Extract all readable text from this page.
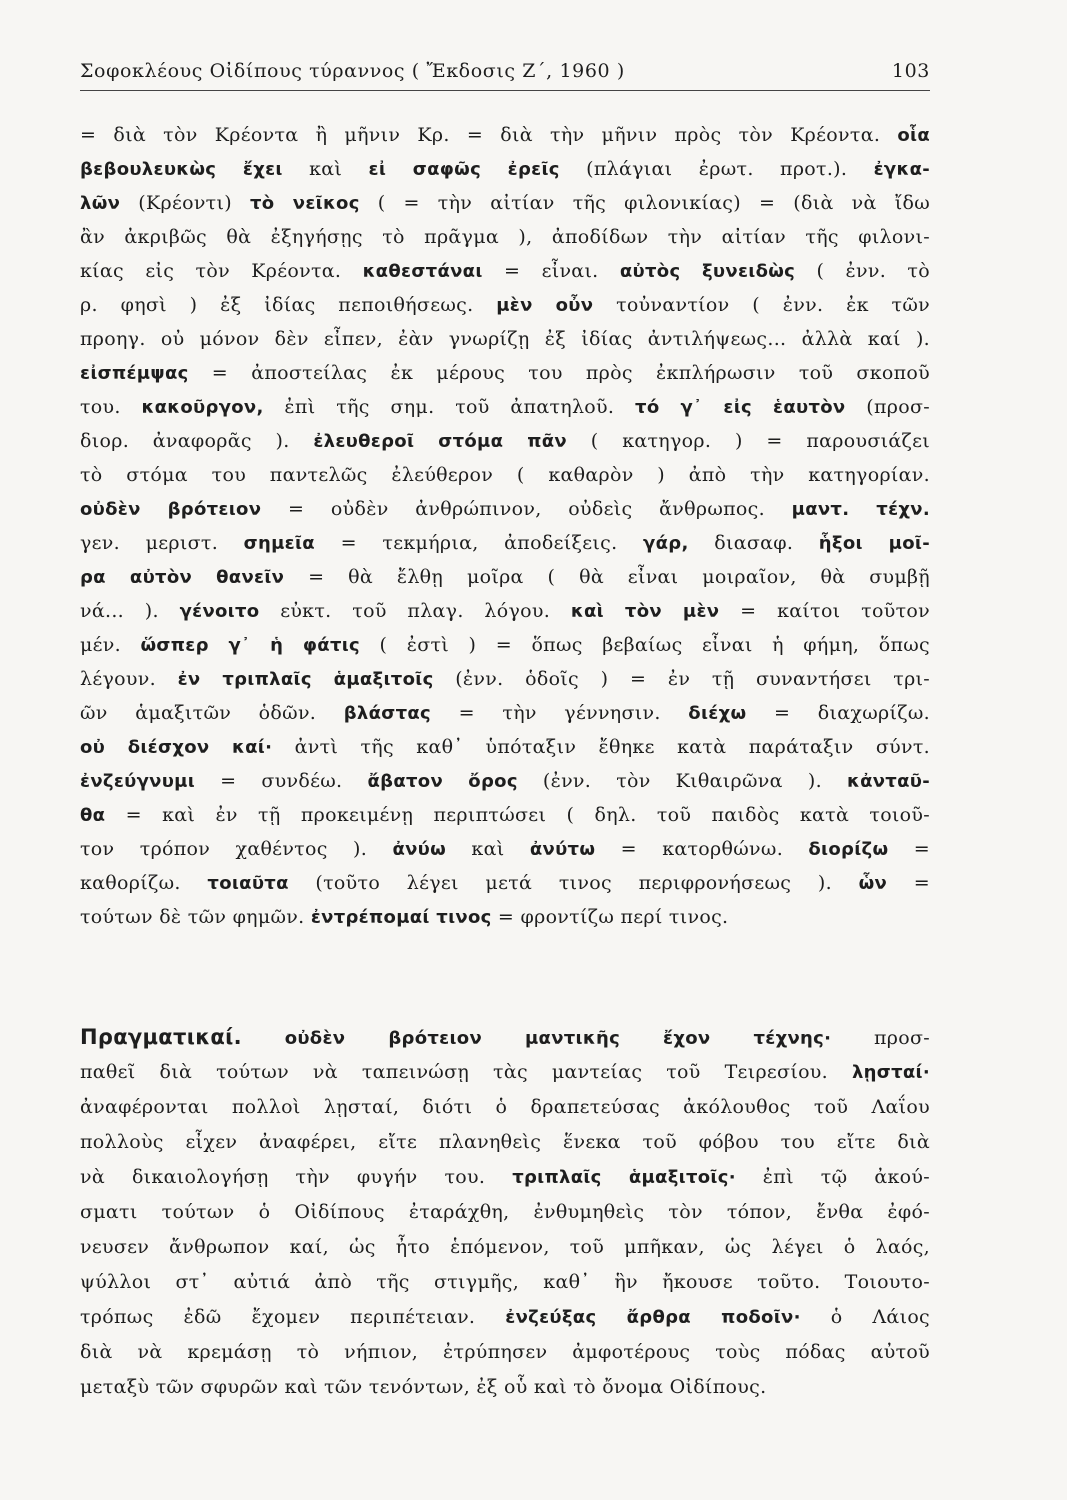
Σοφοκλέους Οἰδίπους τύραννος ( Ἔκδοσις Ζ΄, 1960 )	103
= διὰ τὸν Κρέοντα ἢ μῆνιν Κρ. = διὰ τὴν μῆνιν πρὸς τὸν Κρέοντα. οἷα
βεβουλευκὼς ἔχει καὶ εἰ σαφῶς ἐρεῖς (πλάγιαι ἐρωτ. προτ.). ἐγκα-
λῶν (Κρέοντι) τὸ νεῖκος ( = τὴν αἰτίαν τῆς φιλονικίας) = (διὰ νὰ ἴδω
ἂν ἀκριβῶς θὰ ἐξηγήσῃς τὸ πρᾶγμα ), ἀποδίδων τὴν αἰτίαν τῆς φιλονι-
κίας εἰς τὸν Κρέοντα. καθεστάναι = εἶναι. αὐτὸς ξυνειδὼς ( ἐνν. τὸ
ρ. φησὶ ) ἐξ ἰδίας πεποιθήσεως. μὲν οὖν τοὐναντίον ( ἐνν. ἐκ τῶν
προηγ. οὐ μόνον δὲν εἶπεν, ἐὰν γνωρίζῃ ἐξ ἰδίας ἀντιλήψεως... ἀλλὰ καί ).
εἰσπέμψας = ἀποστείλας ἐκ μέρους του πρὸς ἐκπλήρωσιν τοῦ σκοποῦ
του. κακοῦργον, ἐπὶ τῆς σημ. τοῦ ἀπατηλοῦ. τό γ᾽ εἰς ἑαυτὸν (προσ-
διορ. ἀναφορᾶς ). ἐλευθεροῖ στόμα πᾶν ( κατηγορ. ) = παρουσιάζει
τὸ στόμα του παντελῶς ἐλεύθερον ( καθαρὸν ) ἀπὸ τὴν κατηγορίαν.
οὐδὲν βρότειον = οὐδὲν ἀνθρώπινον, οὐδεὶς ἄνθρωπος. μαντ. τέχν.
γεν. μεριστ. σημεῖα = τεκμήρια, ἀποδείξεις. γάρ, διασαφ. ἧξοι μοῖ-
ρα αὐτὸν θανεῖν = θὰ ἔλθῃ μοῖρα ( θὰ εἶναι μοιραῖον, θὰ συμβῇ
νά... ). γένοιτο εὐκτ. τοῦ πλαγ. λόγου. καὶ τὸν μὲν = καίτοι τοῦτον
μέν. ὥσπερ γ᾽ ἡ φάτις ( ἐστὶ ) = ὅπως βεβαίως εἶναι ἡ φήμη, ὅπως
λέγουν. ἐν τριπλαῖς ἁμαξιτοῖς (ἐνν. ὁδοῖς ) = ἐν τῇ συναντήσει τρι-
ῶν ἁμαξιτῶν ὁδῶν. βλάστας = τὴν γέννησιν. διέχω = διαχωρίζω.
οὐ διέσχον καί· ἀντὶ τῆς καθ᾽ ὑπόταξιν ἔθηκε κατὰ παράταξιν σύντ.
ἐνζεύγνυμι = συνδέω. ἄβατον ὄρος (ἐνν. τὸν Κιθαιρῶνα ). κἀνταῦ-
θα = καὶ ἐν τῇ προκειμένῃ περιπτώσει ( δηλ. τοῦ παιδὸς κατὰ τοιοῦ-
τον τρόπον χαθέντος ). ἀνύω καὶ ἀνύτω = κατορθώνω. διορίζω =
καθορίζω. τοιαῦτα (τοῦτο λέγει μετά τινος περιφρονήσεως ). ὧν =
τούτων δὲ τῶν φημῶν. ἐντρέπομαί τινος = φροντίζω περί τινος.
Πραγματικαί. οὐδὲν βρότειον μαντικῆς ἔχον τέχνης· προσ-
παθεῖ διὰ τούτων νὰ ταπεινώσῃ τὰς μαντείας τοῦ Τειρεσίου. λῃσταί·
ἀναφέρονται πολλοὶ λῃσταί, διότι ὁ δραπετεύσας ἀκόλουθος τοῦ Λαΐου
πολλοὺς εἶχεν ἀναφέρει, εἴτε πλανηθεὶς ἕνεκα τοῦ φόβου του εἴτε διὰ
νὰ δικαιολογήσῃ τὴν φυγήν του. τριπλαῖς ἁμαξιτοῖς· ἐπὶ τῷ ἀκού-
σματι τούτων ὁ Οἰδίπους ἐταράχθη, ἐνθυμηθεὶς τὸν τόπον, ἔνθα ἐφό-
νευσεν ἄνθρωπον καί, ὡς ἦτο ἑπόμενον, τοῦ μπῆκαν, ὡς λέγει ὁ λαός,
ψύλλοι στ᾽ αὐτιά ἀπὸ τῆς στιγμῆς, καθ᾽ ἣν ἤκουσε τοῦτο. Τοιουτο-
τρόπως ἐδῶ ἔχομεν περιπέτειαν. ἐνζεύξας ἄρθρα ποδοῖν· ὁ Λάιος
διὰ νὰ κρεμάσῃ τὸ νήπιον, ἐτρύπησεν ἀμφοτέρους τοὺς πόδας αὐτοῦ
μεταξὺ τῶν σφυρῶν καὶ τῶν τενόντων, ἐξ οὗ καὶ τὸ ὄνομα Οἰδίπους.
